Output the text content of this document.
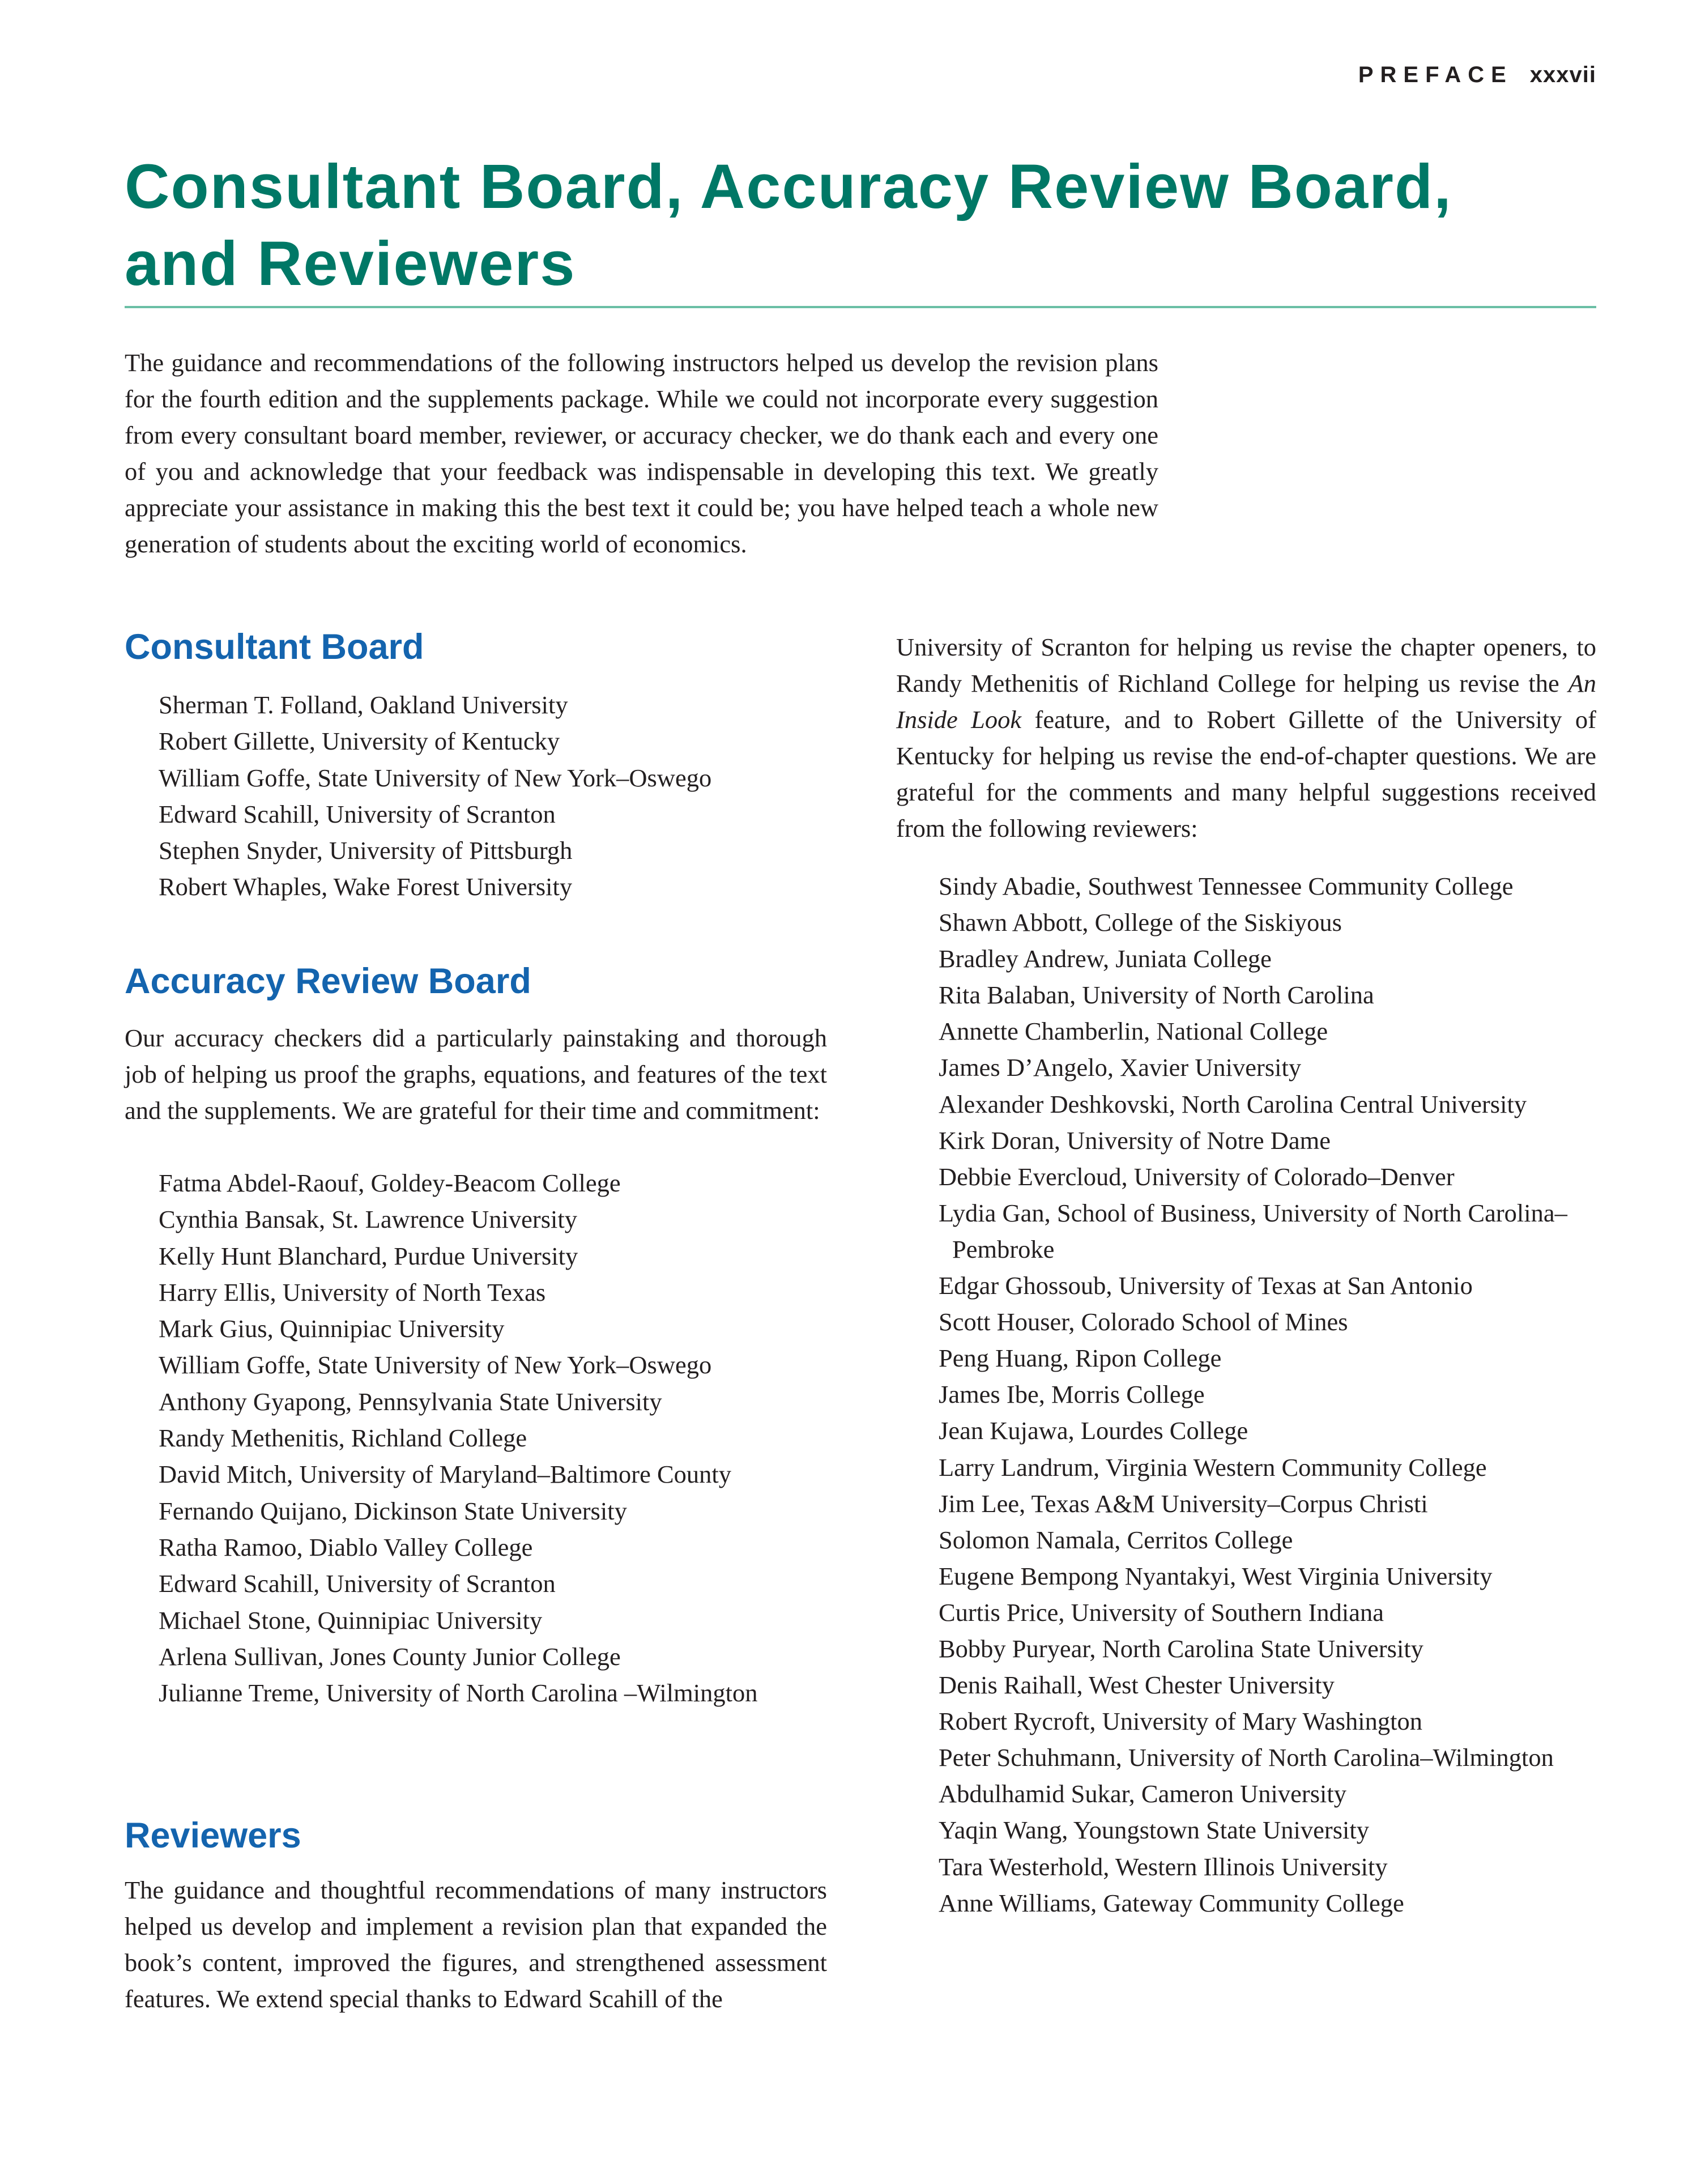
PREFACE xxxvii
Consultant Board, Accuracy Review Board, and Reviewers

The guidance and recommendations of the following instructors helped us develop the revision plans for the fourth edition and the supplements package. While we could not incorporate every suggestion from every consultant board member, reviewer, or accuracy checker, we do thank each and every one of you and acknowledge that your feedback was indispensable in developing this text. We greatly appreciate your assistance in making this the best text it could be; you have helped teach a whole new generation of students about the exciting world of economics.

Consultant Board
Sherman T. Folland, Oakland University
Robert Gillette, University of Kentucky
William Goffe, State University of New York–Oswego
Edward Scahill, University of Scranton
Stephen Snyder, University of Pittsburgh
Robert Whaples, Wake Forest University
Accuracy Review Board

Our accuracy checkers did a particularly painstaking and thorough job of helping us proof the graphs, equations, and features of the text and the supplements. We are grateful for their time and commitment:

Fatma Abdel-Raouf, Goldey-Beacom College
Cynthia Bansak, St. Lawrence University
Kelly Hunt Blanchard, Purdue University
Harry Ellis, University of North Texas
Mark Gius, Quinnipiac University
William Goffe, State University of New York–Oswego
Anthony Gyapong, Pennsylvania State University
Randy Methenitis, Richland College
David Mitch, University of Maryland–Baltimore County
Fernando Quijano, Dickinson State University
Ratha Ramoo, Diablo Valley College
Edward Scahill, University of Scranton
Michael Stone, Quinnipiac University
Arlena Sullivan, Jones County Junior College
Julianne Treme, University of North Carolina –Wilmington
Reviewers

The guidance and thoughtful recommendations of many instructors helped us develop and implement a revision plan that expanded the book’s content, improved the figures, and strengthened assessment features. We extend special thanks to Edward Scahill of the

University of Scranton for helping us revise the chapter openers, to Randy Methenitis of Richland College for helping us revise the An Inside Look feature, and to Robert Gillette of the University of Kentucky for helping us revise the end-of-chapter questions. We are grateful for the comments and many helpful suggestions received from the following reviewers:

Sindy Abadie, Southwest Tennessee Community College
Shawn Abbott, College of the Siskiyous
Bradley Andrew, Juniata College
Rita Balaban, University of North Carolina
Annette Chamberlin, National College
James D’Angelo, Xavier University
Alexander Deshkovski, North Carolina Central University
Kirk Doran, University of Notre Dame
Debbie Evercloud, University of Colorado–Denver
Lydia Gan, School of Business, University of North Carolina–Pembroke
Edgar Ghossoub, University of Texas at San Antonio
Scott Houser, Colorado School of Mines
Peng Huang, Ripon College
James Ibe, Morris College
Jean Kujawa, Lourdes College
Larry Landrum, Virginia Western Community College
Jim Lee, Texas A&M University–Corpus Christi
Solomon Namala, Cerritos College
Eugene Bempong Nyantakyi, West Virginia University
Curtis Price, University of Southern Indiana
Bobby Puryear, North Carolina State University
Denis Raihall, West Chester University
Robert Rycroft, University of Mary Washington
Peter Schuhmann, University of North Carolina–Wilmington
Abdulhamid Sukar, Cameron University
Yaqin Wang, Youngstown State University
Tara Westerhold, Western Illinois University
Anne Williams, Gateway Community College
